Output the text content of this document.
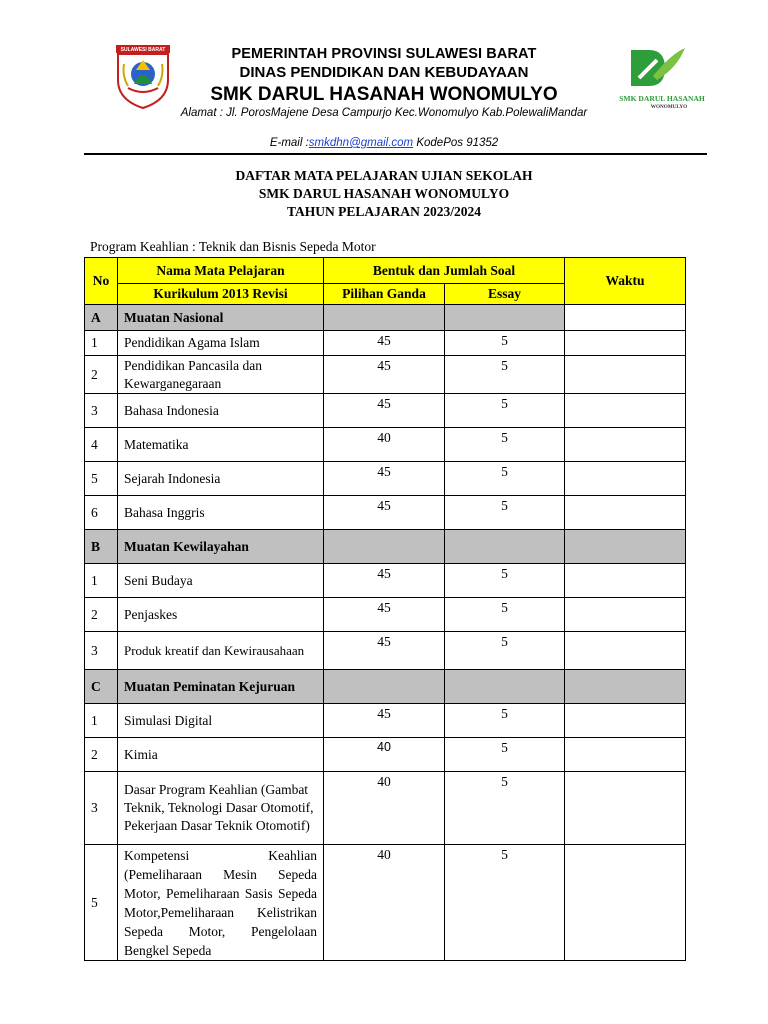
SULAWESI BARAT	PEMERINTAH PROVINSI SULAWESI BARAT
DINAS PENDIDIKAN DAN KEBUDAYAAN
SMK DARUL HASANAH WONOMULYO
Alamat : Jl. PorosMajene Desa Campurjo Kec.Wonomulyo Kab.PolewaliMandar
E-mail :smkdhn@gmail.com KodePos 91352
SMK DARUL HASANAH
WONOMULYO
DAFTAR MATA PELAJARAN UJIAN SEKOLAH
SMK DARUL HASANAH WONOMULYO
TAHUN PELAJARAN 2023/2024
Program Keahlian : Teknik dan Bisnis Sepeda Motor
No	Nama Mata Pelajaran	Bentuk dan Jumlah Soal		Waktu
	Kurikulum 2013 Revisi	Pilihan Ganda	Essay	
A	Muatan Nasional			
1	Pendidikan Agama Islam	45	5	
2	Pendidikan Pancasila dan Kewarganegaraan	45	5	
3	Bahasa Indonesia	45	5	
4	Matematika	40	5	
5	Sejarah Indonesia	45	5	
6	Bahasa Inggris	45	5	
B	Muatan Kewilayahan			
1	Seni Budaya	45	5	
2	Penjaskes	45	5	
3	Produk kreatif dan Kewirausahaan	45	5	
C	Muatan Peminatan Kejuruan			
1	Simulasi Digital	45	5	
2	Kimia	40	5	
3	Dasar Program Keahlian (Gambat Teknik, Teknologi Dasar Otomotif, Pekerjaan Dasar Teknik Otomotif)	40	5	
5	Kompetensi Keahlian (Pemeliharaan Mesin Sepeda Motor, Pemeliharaan Sasis Sepeda Motor,Pemeliharaan Kelistrikan Sepeda Motor, Pengelolaan Bengkel Sepeda	40	5	
